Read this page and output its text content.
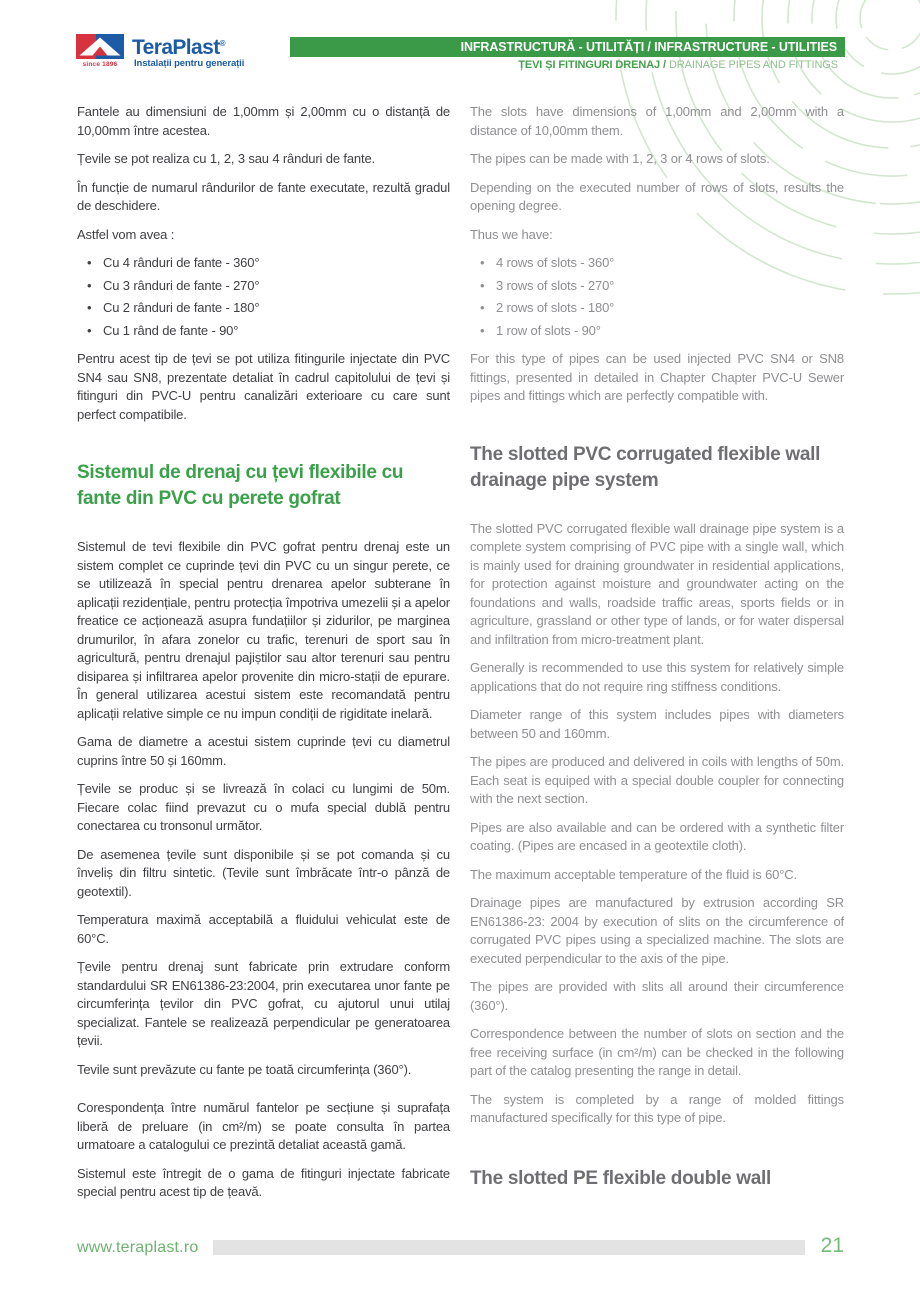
since 1896
TeraPlast®
Instalații pentru generații
INFRASTRUCTURĂ - UTILITĂȚI / INFRASTRUCTURE - UTILITIES
ȚEVI ȘI FITINGURI DRENAJ / DRAINAGE PIPES AND FITTINGS

Fantele au dimensiuni de 1,00mm și 2,00mm cu o distanță de 10,00mm între acestea.

Țevile se pot realiza cu 1, 2, 3 sau 4 rânduri de fante.

În funcție de numarul rândurilor de fante executate, rezultă gradul de deschidere.

Astfel vom avea :

• Cu 4 rânduri de fante - 360°
• Cu 3 rânduri de fante - 270°
• Cu 2 rânduri de fante - 180°
• Cu 1 rând de fante - 90°

Pentru acest tip de țevi se pot utiliza fitingurile injectate din PVC SN4 sau SN8, prezentate detaliat în cadrul capitolului de țevi și fitinguri din PVC-U pentru canalizări exterioare cu care sunt perfect compatibile.

Sistemul de drenaj cu țevi flexibile cu fante din PVC cu perete gofrat

Sistemul de tevi flexibile din PVC gofrat pentru drenaj este un sistem complet ce cuprinde țevi din PVC cu un singur perete, ce se utilizează în special pentru drenarea apelor subterane în aplicații rezidențiale, pentru protecția împotriva umezelii și a apelor freatice ce acționează asupra fundațiilor și zidurilor, pe marginea drumurilor, în afara zonelor cu trafic, terenuri de sport sau în agricultură, pentru drenajul pajiștilor sau altor terenuri sau pentru disiparea și infiltrarea apelor provenite din micro-stații de epurare. În general utilizarea acestui sistem este recomandată pentru aplicații relative simple ce nu impun condiții de rigiditate inelară.

Gama de diametre a acestui sistem cuprinde țevi cu diametrul cuprins între 50 și 160mm.

Țevile se produc și se livrează în colaci cu lungimi de 50m. Fiecare colac fiind prevazut cu o mufa special dublă pentru conectarea cu tronsonul următor.

De asemenea țevile sunt disponibile și se pot comanda și cu înveliș din filtru sintetic. (Tevile sunt îmbrăcate într-o pânză de geotextil).

Temperatura maximă acceptabilă a fluidului vehiculat este de 60°C.

Țevile pentru drenaj sunt fabricate prin extrudare conform standardului SR EN61386-23:2004, prin executarea unor fante pe circumferința țevilor din PVC gofrat, cu ajutorul unui utilaj specializat. Fantele se realizează perpendicular pe generatoarea țevii.

Tevile sunt prevăzute cu fante pe toată circumferința (360°).

Corespondența între numărul fantelor pe secțiune și suprafața liberă de preluare (in cm²/m) se poate consulta în partea urmatoare a catalogului ce prezintă detaliat această gamă.

Sistemul este întregit de o gama de fitinguri injectate fabricate special pentru acest tip de țeavă.

The slots have dimensions of 1,00mm and 2,00mm with a distance of 10,00mm them.

The pipes can be made with 1, 2, 3 or 4 rows of slots.

Depending on the executed number of rows of slots, results the opening degree.

Thus we have:

• 4 rows of slots - 360°
• 3 rows of slots - 270°
• 2 rows of slots - 180°
• 1 row of slots - 90°

For this type of pipes can be used injected PVC SN4 or SN8 fittings, presented in detailed in Chapter Chapter PVC-U Sewer pipes and fittings which are perfectly compatible with.

The slotted PVC corrugated flexible wall drainage pipe system

The slotted PVC corrugated flexible wall drainage pipe system is a complete system comprising of PVC pipe with a single wall, which is mainly used for draining groundwater in residential applications, for protection against moisture and groundwater acting on the foundations and walls, roadside traffic areas, sports fields or in agriculture, grassland or other type of lands, or for water dispersal and infiltration from micro-treatment plant.

Generally is recommended to use this system for relatively simple applications that do not require ring stiffness conditions.

Diameter range of this system includes pipes with diameters between 50 and 160mm.

The pipes are produced and delivered in coils with lengths of 50m. Each seat is equiped with a special double coupler for connecting with the next section.

Pipes are also available and can be ordered with a synthetic filter coating. (Pipes are encased in a geotextile cloth).

The maximum acceptable temperature of the fluid is 60°C.

Drainage pipes are manufactured by extrusion according SR EN61386-23: 2004 by execution of slits on the circumference of corrugated PVC pipes using a specialized machine. The slots are executed perpendicular to the axis of the pipe.

The pipes are provided with slits all around their circumference (360°).

Correspondence between the number of slots on section and the free receiving surface (in cm²/m) can be checked in the following part of the catalog presenting the range in detail.

The system is completed by a range of molded fittings manufactured specifically for this type of pipe.

The slotted PE flexible double wall
www.teraplast.ro	21
